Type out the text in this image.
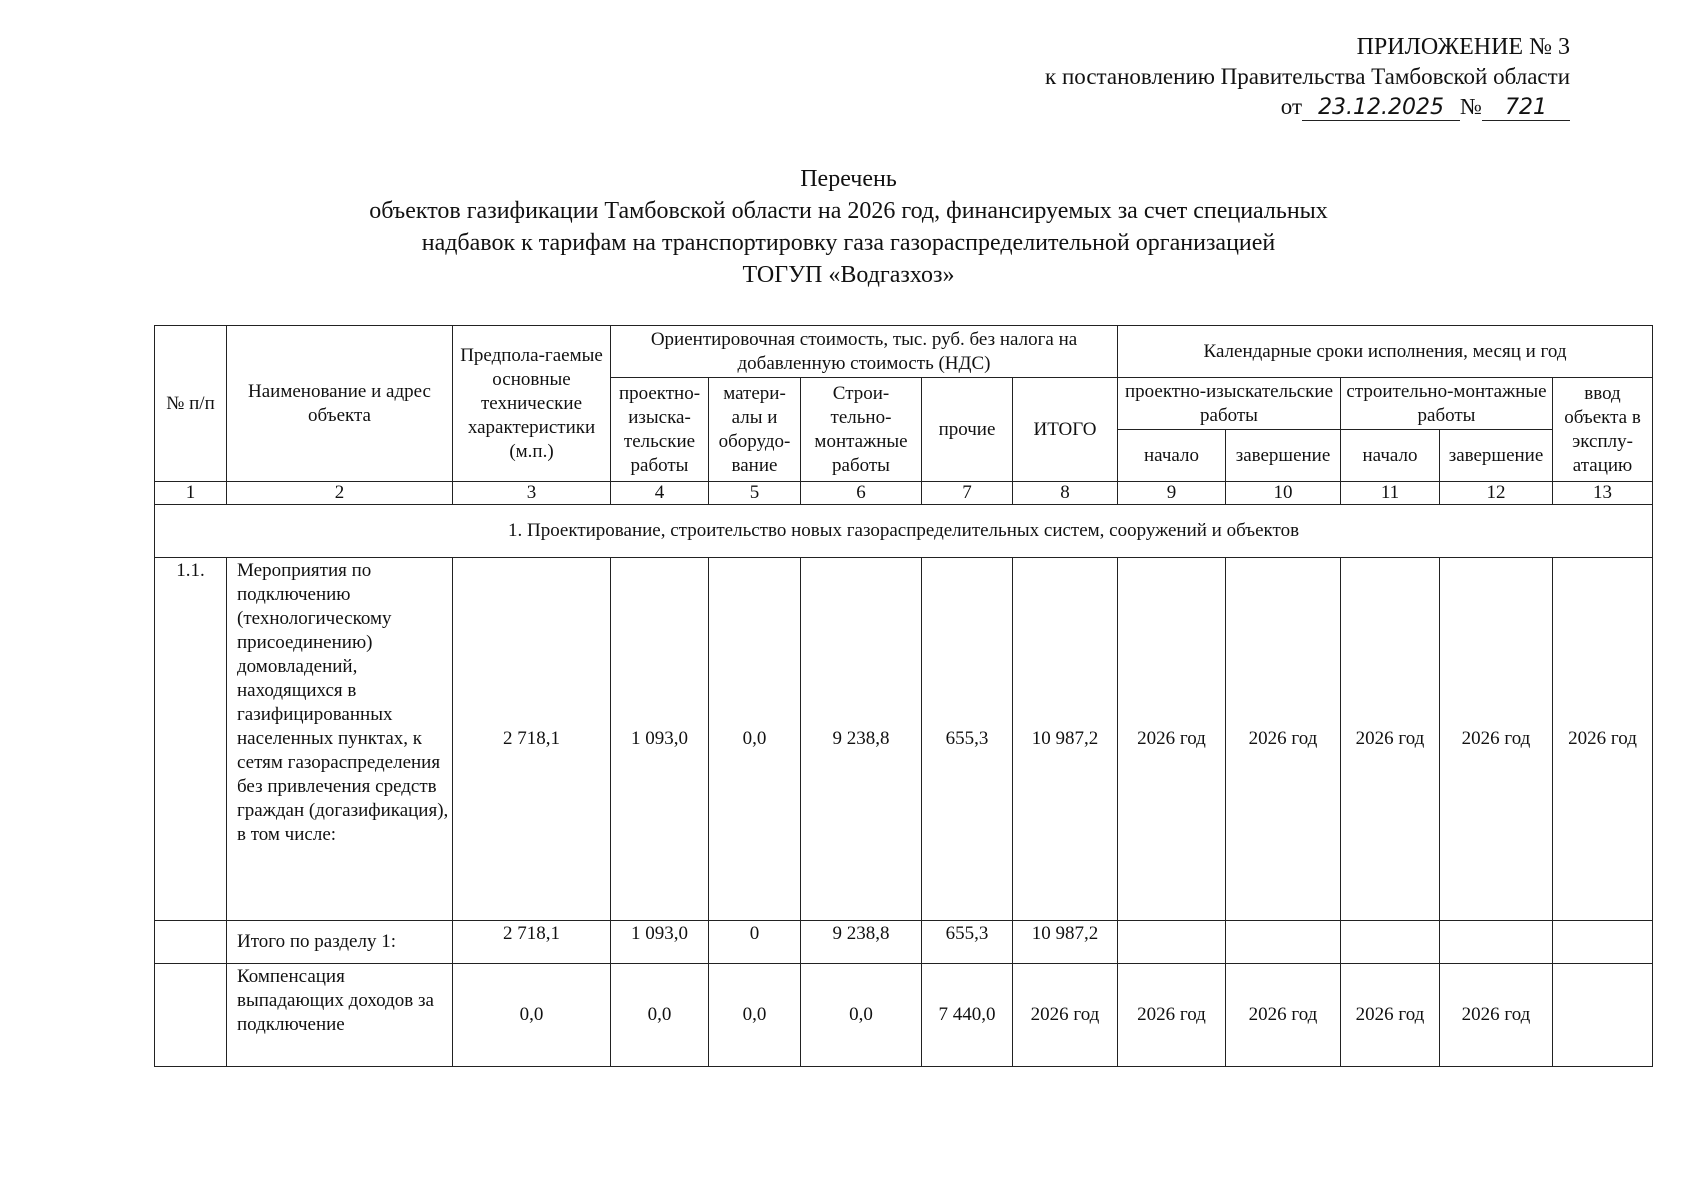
ПРИЛОЖЕНИЕ № 3
к постановлению Правительства Тамбовской области
от 23.12.2025 № 721
Перечень
объектов газификации Тамбовской области на 2026 год, финансируемых за счет специальных
надбавок к тарифам на транспортировку газа газораспределительной организацией
ТОГУП «Водгазхоз»
№ п/п	Наименование и адрес объекта	Предпола-гаемые основные технические характеристики (м.п.)	Ориентировочная стоимость, тыс. руб. без налога на добавленную стоимость (НДС)					Календарные сроки исполнения, месяц и год				
			проектно-изыска-тельские работы	матери-алы и оборудо-вание	Строи-тельно-монтажные работы	прочие	ИТОГО	проектно-изыскательские работы		строительно-монтажные работы		ввод объекта в эксплу-атацию
								начало	завершение	начало	завершение	
1	2	3	4	5	6	7	8	9	10	11	12	13
1. Проектирование, строительство новых газораспределительных систем, сооружений и объектов												
1.1.	Мероприятия по подключению (технологическому присоединению) домовладений, находящихся в газифицированных населенных пунктах, к сетям газораспределения без привлечения средств граждан (догазификация), в том числе:	2 718,1	1 093,0	0,0	9 238,8	655,3	10 987,2	2026 год	2026 год	2026 год	2026 год	2026 год
	Итого по разделу 1:	2 718,1	1 093,0	0	9 238,8	655,3	10 987,2					
	Компенсация выпадающих доходов за подключение	0,0	0,0	0,0	0,0	7 440,0	2026 год	2026 год	2026 год	2026 год	2026 год	
